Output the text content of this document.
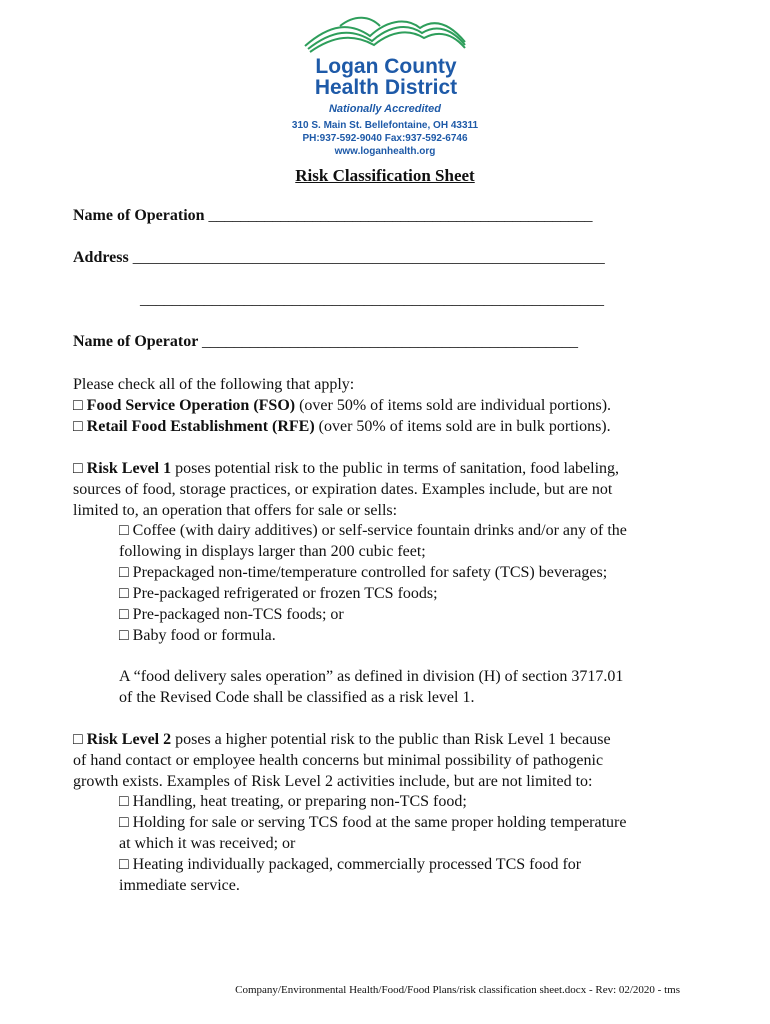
Logan County
Health District
Nationally Accredited
310 S. Main St. Bellefontaine, OH 43311
PH:937-592-9040 Fax:937-592-6746
www.loganhealth.org
Risk Classification Sheet
Name of Operation ________________________________________________
Address ___________________________________________________________
__________________________________________________________
Name of Operator _______________________________________________
Please check all of the following that apply:
□ Food Service Operation (FSO) (over 50% of items sold are individual portions).
□ Retail Food Establishment (RFE) (over 50% of items sold are in bulk portions).
□ Risk Level 1 poses potential risk to the public in terms of sanitation, food labeling,
sources of food, storage practices, or expiration dates. Examples include, but are not
limited to, an operation that offers for sale or sells:
□ Coffee (with dairy additives) or self-service fountain drinks and/or any of the
following in displays larger than 200 cubic feet;
□ Prepackaged non-time/temperature controlled for safety (TCS) beverages;
□ Pre-packaged refrigerated or frozen TCS foods;
□ Pre-packaged non-TCS foods; or
□ Baby food or formula.
A “food delivery sales operation” as defined in division (H) of section 3717.01
of the Revised Code shall be classified as a risk level 1.
□ Risk Level 2 poses a higher potential risk to the public than Risk Level 1 because
of hand contact or employee health concerns but minimal possibility of pathogenic
growth exists. Examples of Risk Level 2 activities include, but are not limited to:
□ Handling, heat treating, or preparing non-TCS food;
□ Holding for sale or serving TCS food at the same proper holding temperature
at which it was received; or
□ Heating individually packaged, commercially processed TCS food for
immediate service.
Company/Environmental Health/Food/Food Plans/risk classification sheet.docx - Rev: 02/2020 - tms
